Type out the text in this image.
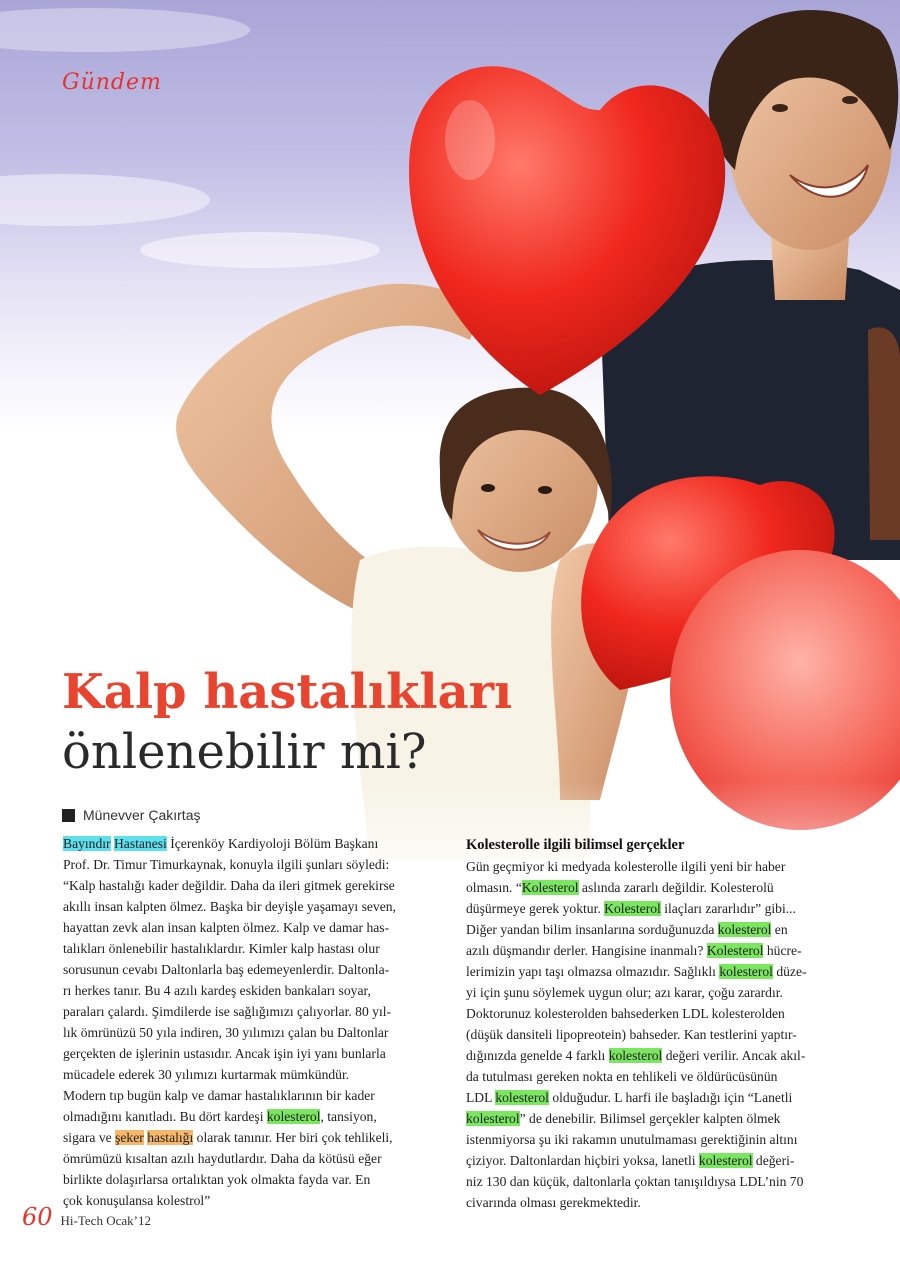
Gündem
Kalp hastalıkları
önlenebilir mi?
Münevver Çakırtaş
Bayındır Hastanesi İçerenköy Kardiyoloji Bölüm Başkanı
Prof. Dr. Timur Timurkaynak, konuyla ilgili şunları söyledi:
“Kalp hastalığı kader değildir. Daha da ileri gitmek gerekirse
akıllı insan kalpten ölmez. Başka bir deyişle yaşamayı seven,
hayattan zevk alan insan kalpten ölmez. Kalp ve damar has-
talıkları önlenebilir hastalıklardır. Kimler kalp hastası olur
sorusunun cevabı Daltonlarla baş edemeyenlerdir. Daltonla-
rı herkes tanır. Bu 4 azılı kardeş eskiden bankaları soyar,
paraları çalardı. Şimdilerde ise sağlığımızı çalıyorlar. 80 yıl-
lık ömrünüzü 50 yıla indiren, 30 yılımızı çalan bu Daltonlar
gerçekten de işlerinin ustasıdır. Ancak işin iyi yanı bunlarla
mücadele ederek 30 yılımızı kurtarmak mümkündür.
Modern tıp bugün kalp ve damar hastalıklarının bir kader
olmadığını kanıtladı. Bu dört kardeşi kolesterol, tansiyon,
sigara ve şeker hastalığı olarak tanınır. Her biri çok tehlikeli,
ömrümüzü kısaltan azılı haydutlardır. Daha da kötüsü eğer
birlikte dolaşırlarsa ortalıktan yok olmakta fayda var. En
çok konuşulansa kolestrol”
Kolesterolle ilgili bilimsel gerçekler
Gün geçmiyor ki medyada kolesterolle ilgili yeni bir haber
olmasın. “Kolesterol aslında zararlı değildir. Kolesterolü
düşürmeye gerek yoktur. Kolesterol ilaçları zararlıdır” gibi...
Diğer yandan bilim insanlarına sorduğunuzda kolesterol en
azılı düşmandır derler. Hangisine inanmalı? Kolesterol hücre-
lerimizin yapı taşı olmazsa olmazıdır. Sağlıklı kolesterol düze-
yi için şunu söylemek uygun olur; azı karar, çoğu zarardır.
Doktorunuz kolesterolden bahsederken LDL kolesterolden
(düşük dansiteli lipopreotein) bahseder. Kan testlerini yaptır-
dığınızda genelde 4 farklı kolesterol değeri verilir. Ancak akıl-
da tutulması gereken nokta en tehlikeli ve öldürücüsünün
LDL kolesterol olduğudur. L harfi ile başladığı için “Lanetli
kolesterol” de denebilir. Bilimsel gerçekler kalpten ölmek
istenmiyorsa şu iki rakamın unutulmaması gerektiğinin altını
çiziyor. Daltonlardan hiçbiri yoksa, lanetli kolesterol değeri-
niz 130 dan küçük, daltonlarla çoktan tanışıldıysa LDL’nin 70
civarında olması gerekmektedir.
60 Hi-Tech Ocak’12
